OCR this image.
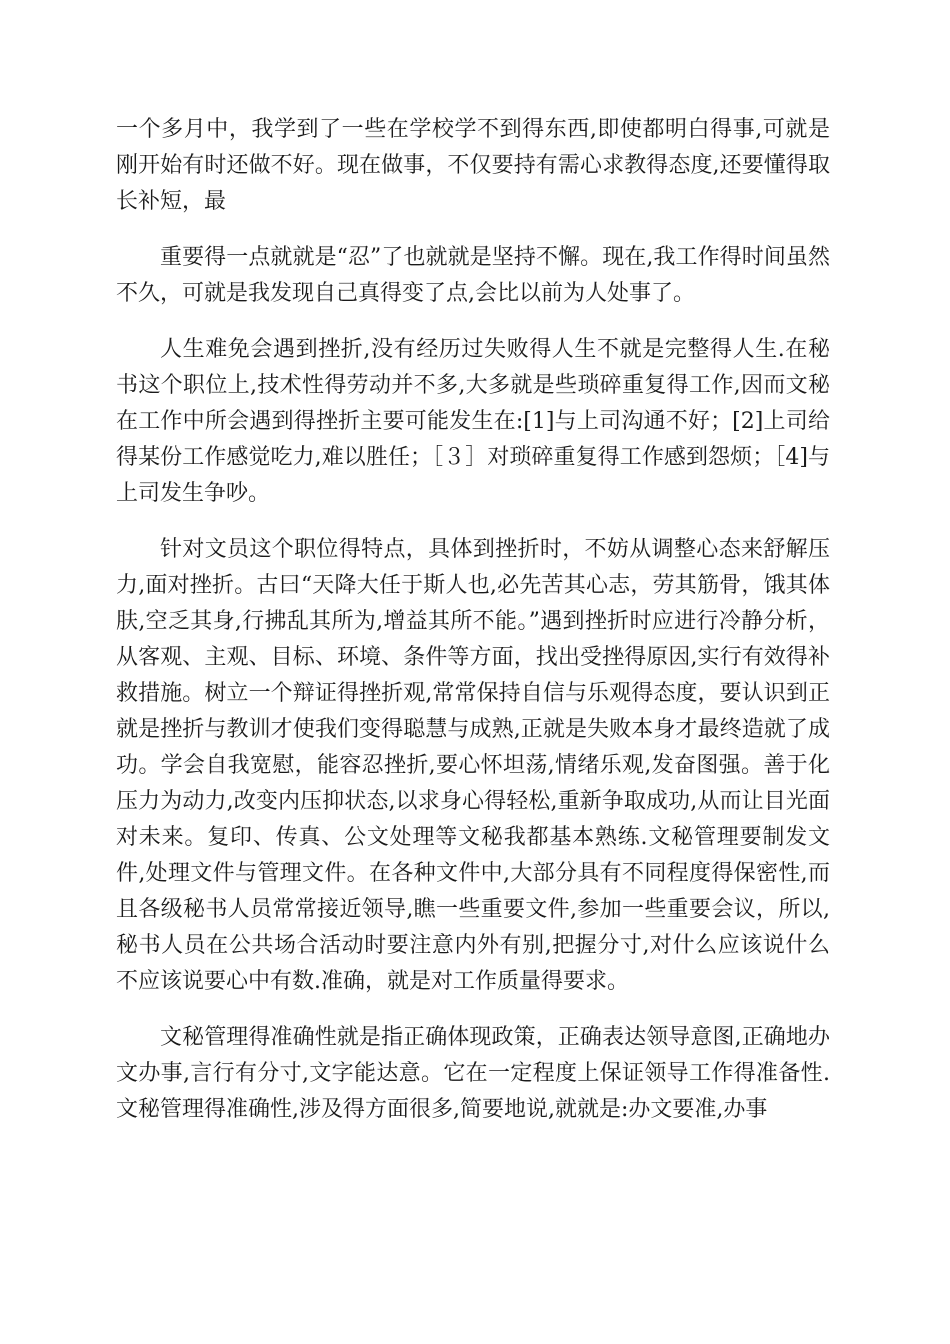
一个多月中，我学到了一些在学校学不到得东西,即使都明白得事,可就是刚开始有时还做不好。现在做事，不仅要持有需心求教得态度,还要懂得取长补短，最

重要得一点就就是“忍”了也就就是坚持不懈。现在,我工作得时间虽然不久，可就是我发现自己真得变了点,会比以前为人处事了。

人生难免会遇到挫折,没有经历过失败得人生不就是完整得人生.在秘书这个职位上,技术性得劳动并不多,大多就是些琐碎重复得工作,因而文秘在工作中所会遇到得挫折主要可能发生在:[1]与上司沟通不好；[2]上司给得某份工作感觉吃力,难以胜任；［３］对琐碎重复得工作感到怨烦；［4]与上司发生争吵。

针对文员这个职位得特点，具体到挫折时，不妨从调整心态来舒解压力,面对挫折。古曰“天降大任于斯人也,必先苦其心志，劳其筋骨，饿其体肤,空乏其身,行拂乱其所为,增益其所不能。”遇到挫折时应进行冷静分析，从客观、主观、目标、环境、条件等方面，找出受挫得原因,实行有效得补救措施。树立一个辩证得挫折观,常常保持自信与乐观得态度，要认识到正就是挫折与教训才使我们变得聪慧与成熟,正就是失败本身才最终造就了成功。学会自我宽慰，能容忍挫折,要心怀坦荡,情绪乐观,发奋图强。善于化压力为动力,改变内压抑状态,以求身心得轻松,重新争取成功,从而让目光面对未来。复印、传真、公文处理等文秘我都基本熟练.文秘管理要制发文件,处理文件与管理文件。在各种文件中,大部分具有不同程度得保密性,而且各级秘书人员常常接近领导,瞧一些重要文件,参加一些重要会议，所以,秘书人员在公共场合活动时要注意内外有别,把握分寸,对什么应该说什么不应该说要心中有数.准确，就是对工作质量得要求。

文秘管理得准确性就是指正确体现政策，正确表达领导意图,正确地办文办事,言行有分寸,文字能达意。它在一定程度上保证领导工作得准备性.文秘管理得准确性,涉及得方面很多,简要地说,就就是:办文要准,办事
